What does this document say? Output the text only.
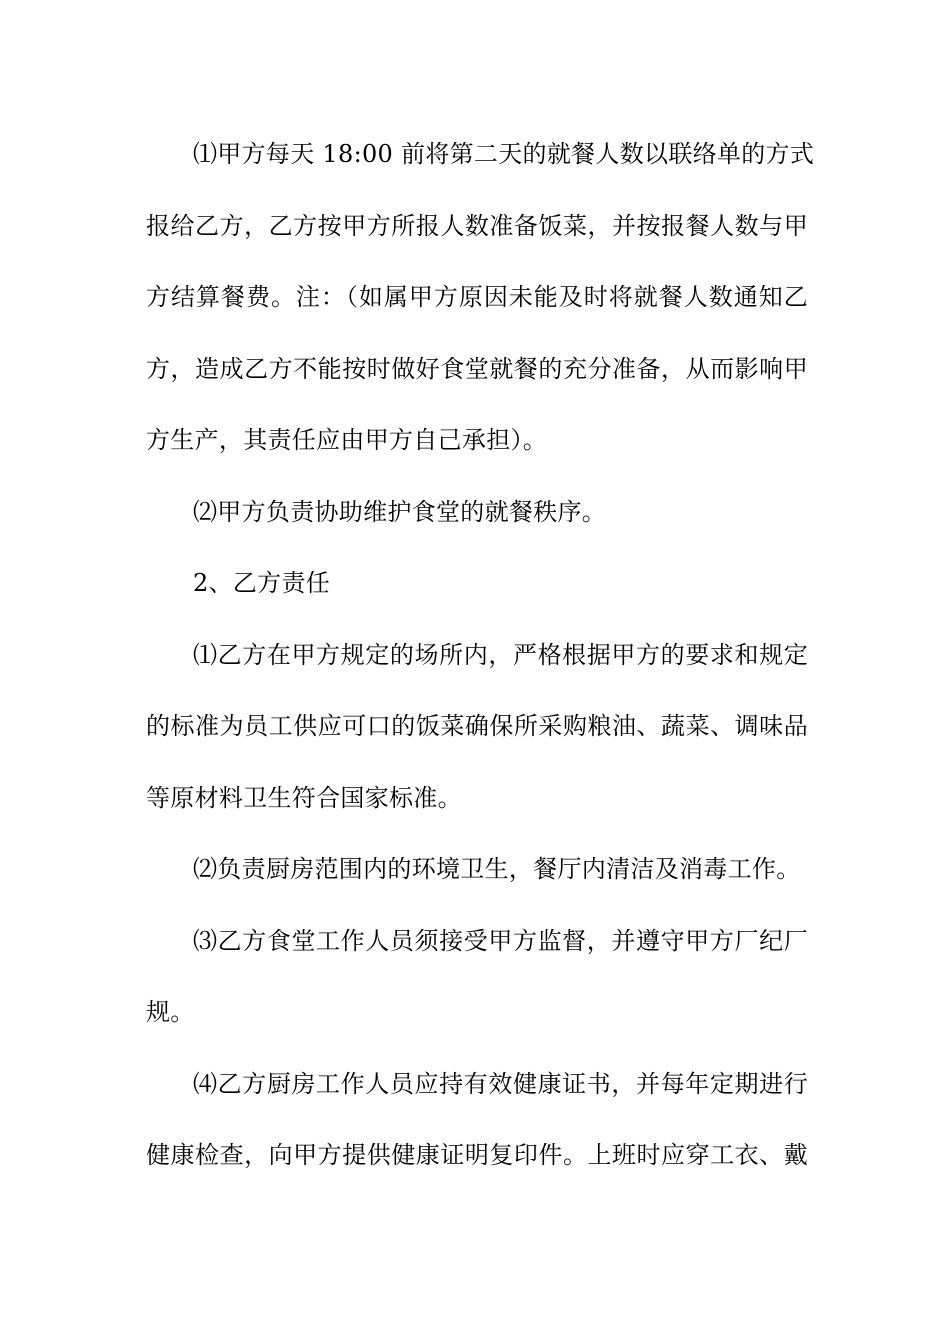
⑴甲方每天 18:00 前将第二天的就餐人数以联络单的方式
报给乙方，乙方按甲方所报人数准备饭菜，并按报餐人数与甲
方结算餐费。注：（如属甲方原因未能及时将就餐人数通知乙
方，造成乙方不能按时做好食堂就餐的充分准备，从而影响甲
方生产，其责任应由甲方自己承担）。
⑵甲方负责协助维护食堂的就餐秩序。
2、乙方责任
⑴乙方在甲方规定的场所内，严格根据甲方的要求和规定
的标准为员工供应可口的饭菜确保所采购粮油、蔬菜、调味品
等原材料卫生符合国家标准。
⑵负责厨房范围内的环境卫生，餐厅内清洁及消毒工作。
⑶乙方食堂工作人员须接受甲方监督，并遵守甲方厂纪厂
规。
⑷乙方厨房工作人员应持有效健康证书，并每年定期进行
健康检查，向甲方提供健康证明复印件。上班时应穿工衣、戴
